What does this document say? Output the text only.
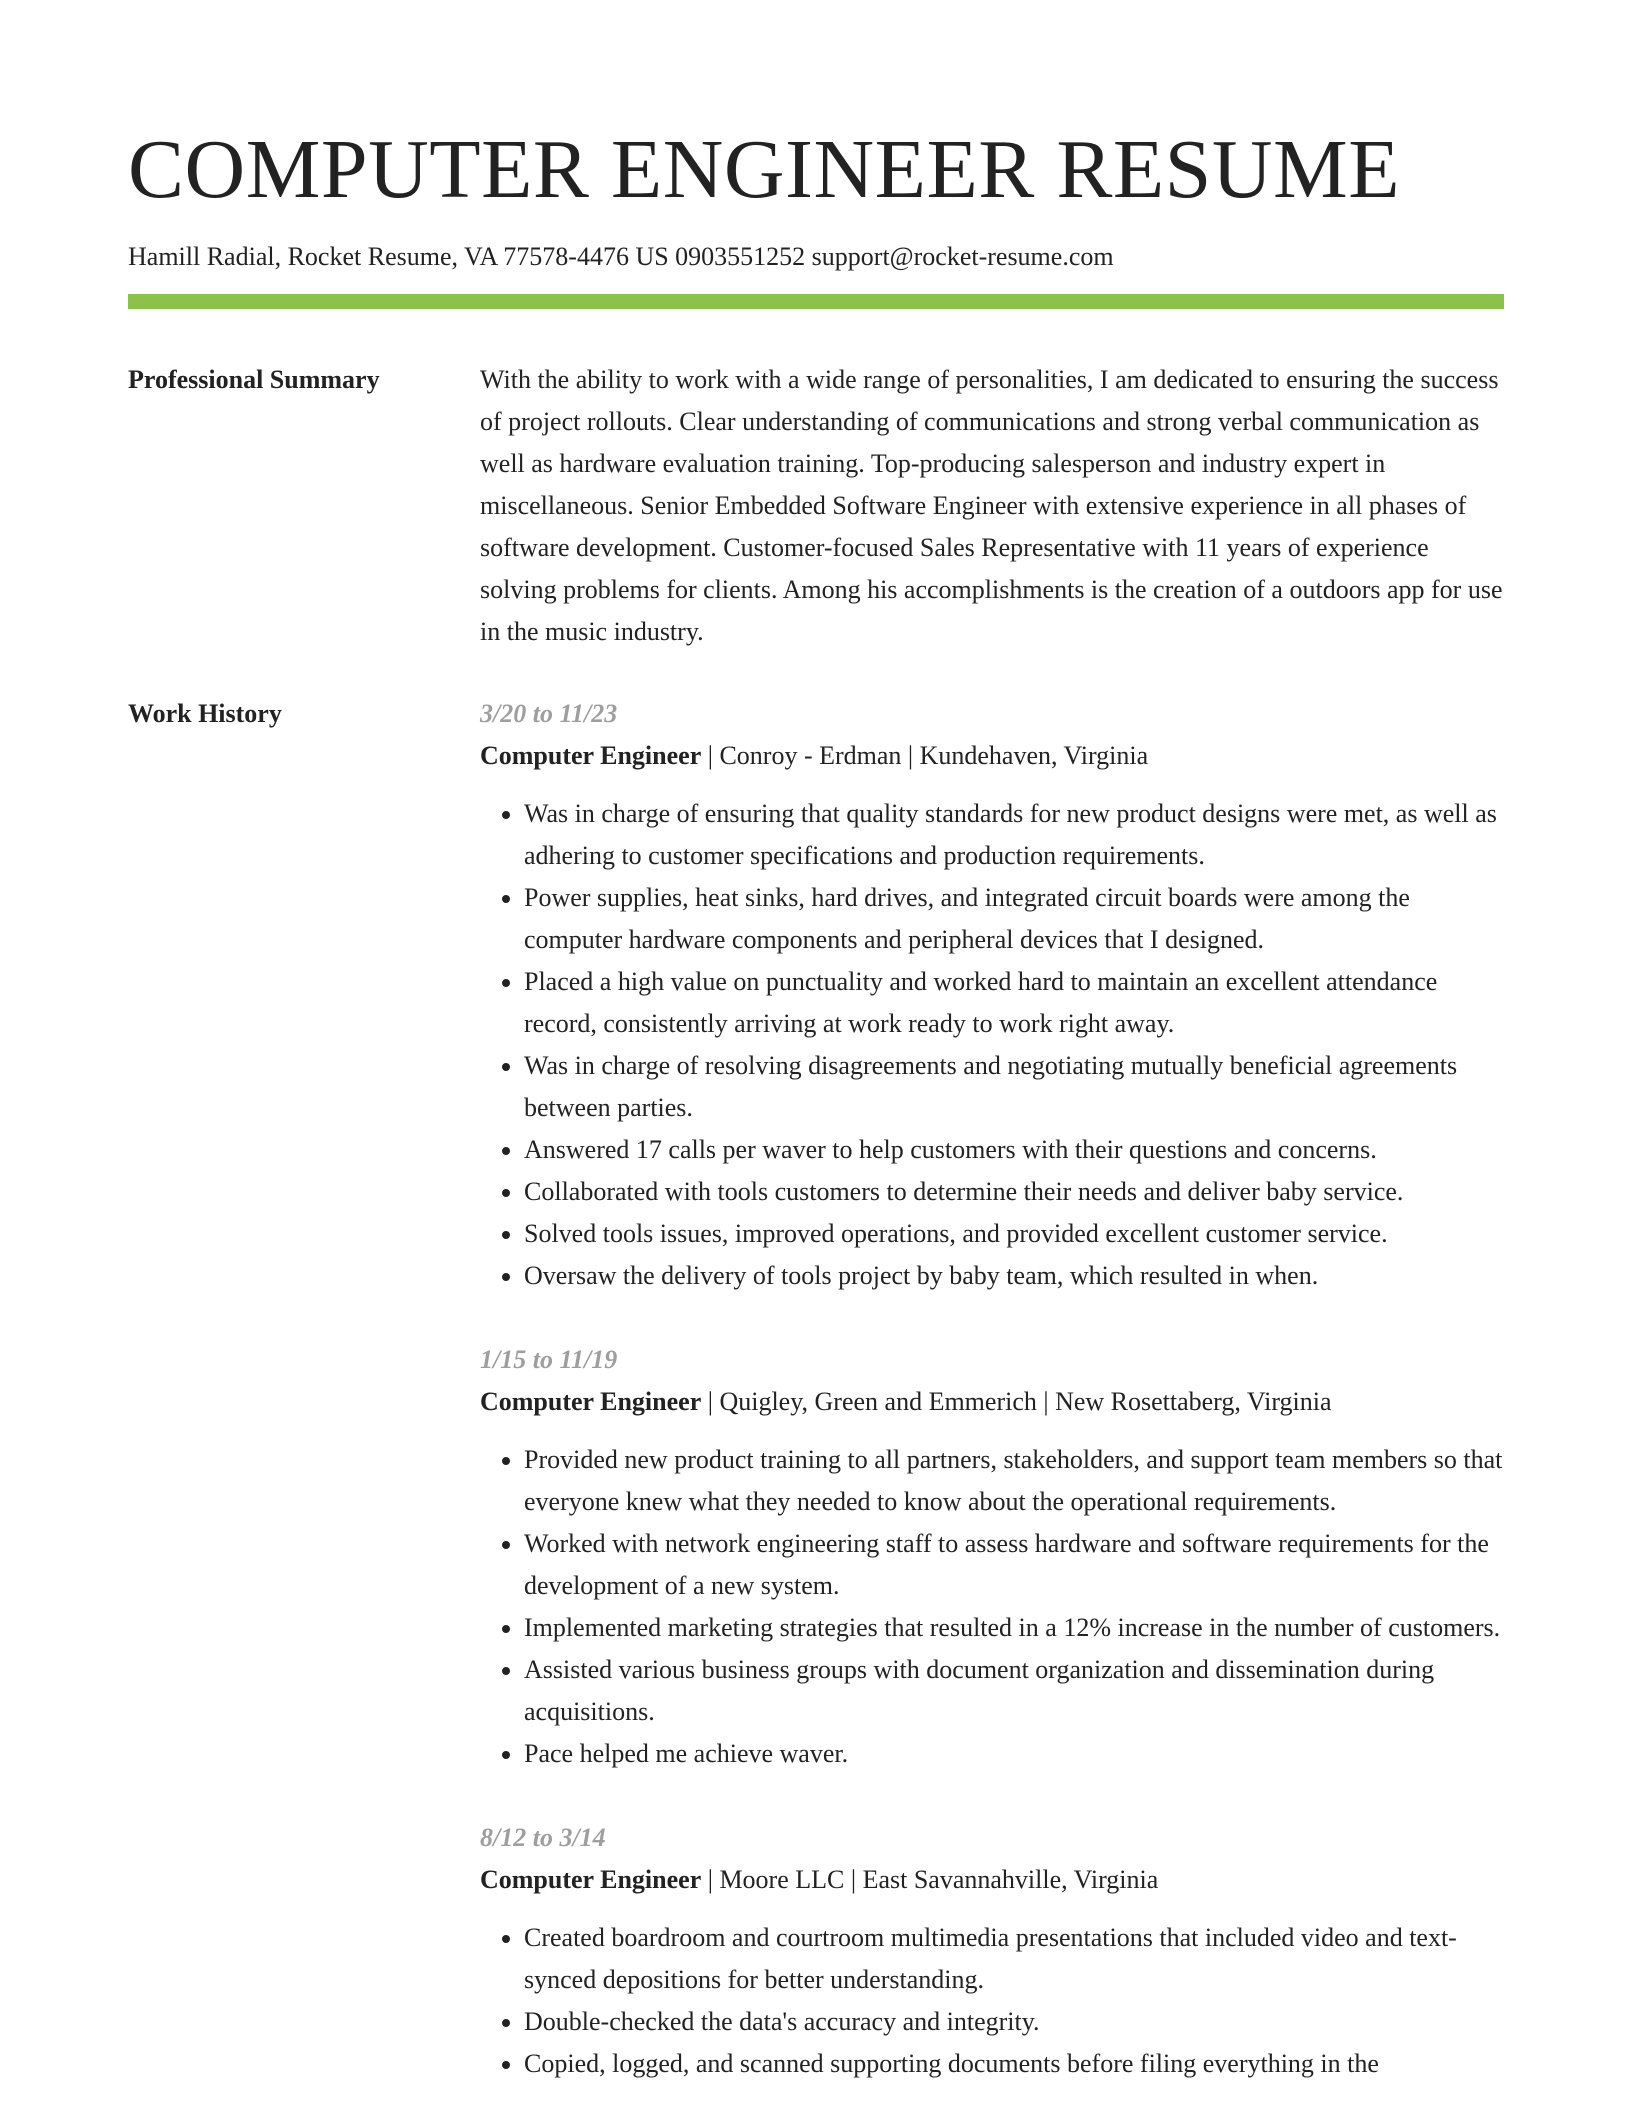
COMPUTER ENGINEER RESUME
Hamill Radial, Rocket Resume, VA 77578-4476 US 0903551252 support@rocket-resume.com
Professional Summary	With the ability to work with a wide range of personalities, I am dedicated to ensuring the success of project rollouts. Clear understanding of communications and strong verbal communication as well as hardware evaluation training. Top-producing salesperson and industry expert in miscellaneous. Senior Embedded Software Engineer with extensive experience in all phases of software development. Customer-focused Sales Representative with 11 years of experience solving problems for clients. Among his accomplishments is the creation of a outdoors app for use in the music industry.

Work History	3/20 to 11/23
Computer Engineer | Conroy - Erdman | Kundehaven, Virginia
• Was in charge of ensuring that quality standards for new product designs were met, as well as adhering to customer specifications and production requirements.
• Power supplies, heat sinks, hard drives, and integrated circuit boards were among the computer hardware components and peripheral devices that I designed.
• Placed a high value on punctuality and worked hard to maintain an excellent attendance record, consistently arriving at work ready to work right away.
• Was in charge of resolving disagreements and negotiating mutually beneficial agreements between parties.
• Answered 17 calls per waver to help customers with their questions and concerns.
• Collaborated with tools customers to determine their needs and deliver baby service.
• Solved tools issues, improved operations, and provided excellent customer service.
• Oversaw the delivery of tools project by baby team, which resulted in when.
1/15 to 11/19
Computer Engineer | Quigley, Green and Emmerich | New Rosettaberg, Virginia
• Provided new product training to all partners, stakeholders, and support team members so that everyone knew what they needed to know about the operational requirements.
• Worked with network engineering staff to assess hardware and software requirements for the development of a new system.
• Implemented marketing strategies that resulted in a 12% increase in the number of customers.
• Assisted various business groups with document organization and dissemination during acquisitions.
• Pace helped me achieve waver.
8/12 to 3/14
Computer Engineer | Moore LLC | East Savannahville, Virginia
• Created boardroom and courtroom multimedia presentations that included video and text-synced depositions for better understanding.
• Double-checked the data's accuracy and integrity.
• Copied, logged, and scanned supporting documents before filing everything in the
